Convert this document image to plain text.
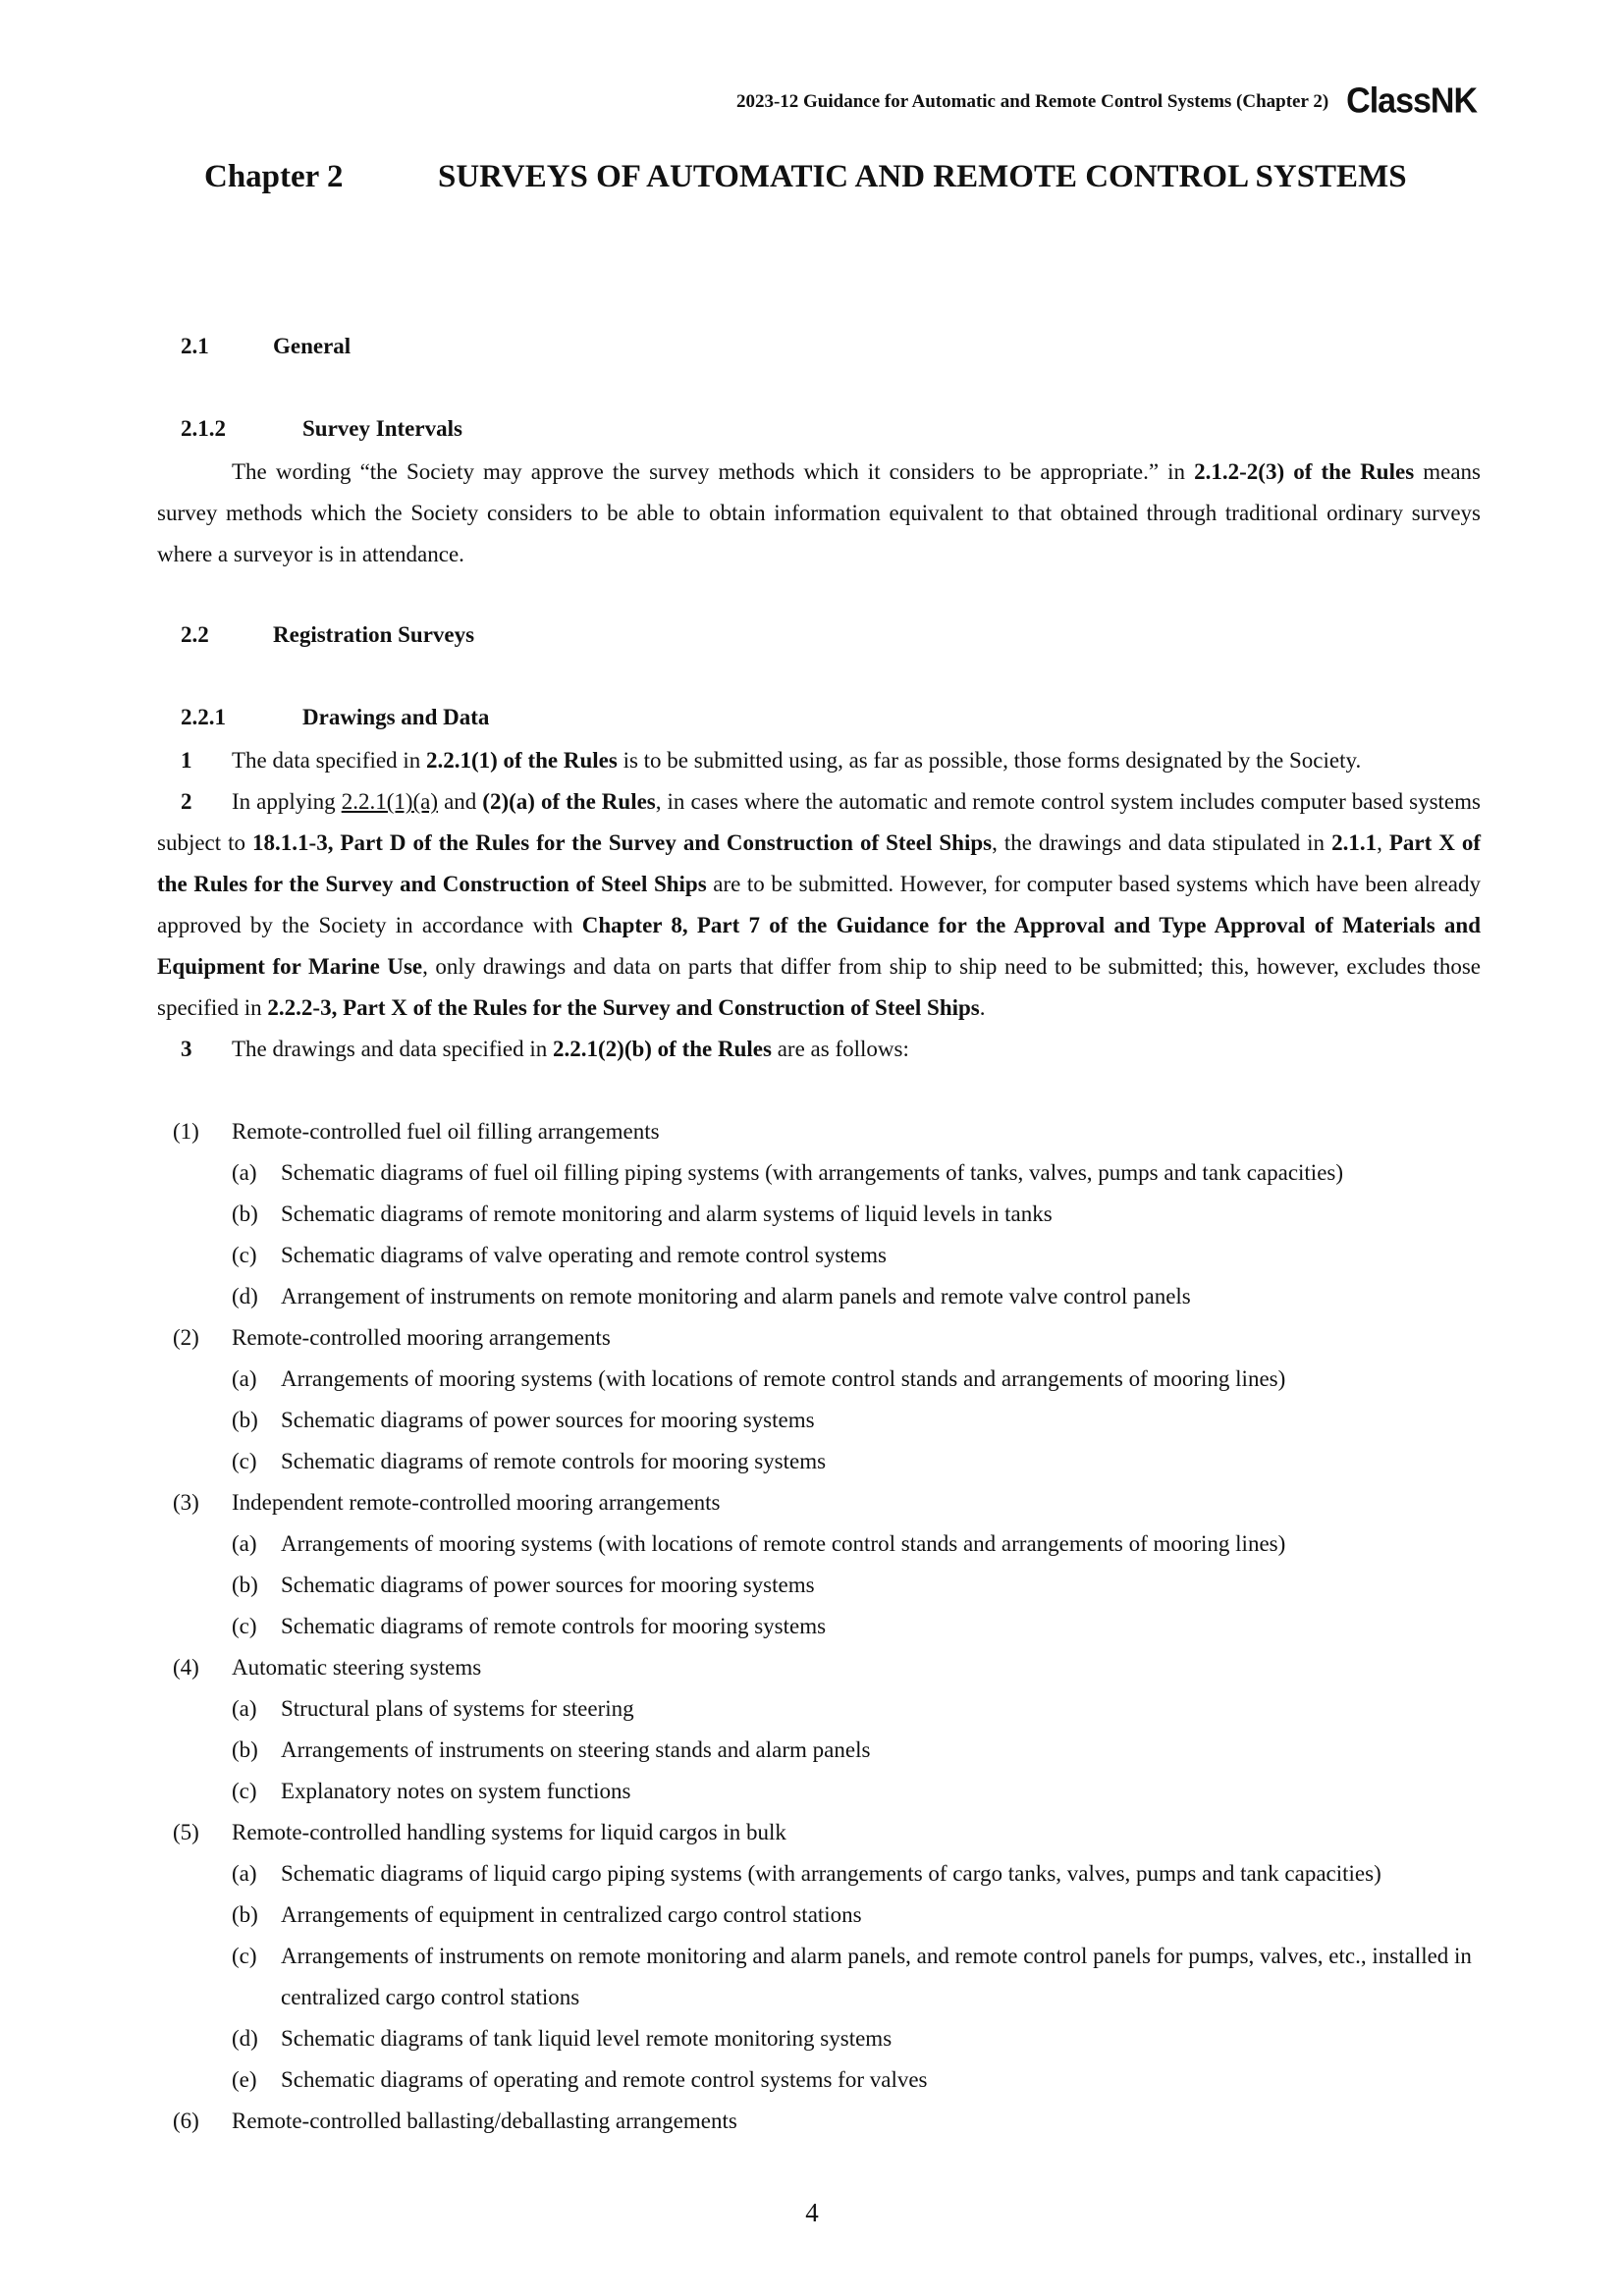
2023-12 Guidance for Automatic and Remote Control Systems (Chapter 2) ClassNK
Chapter 2	SURVEYS OF AUTOMATIC AND REMOTE CONTROL SYSTEMS
2.1	General
2.1.2	Survey Intervals
The wording “the Society may approve the survey methods which it considers to be appropriate.” in 2.1.2-2(3) of the Rules means survey methods which the Society considers to be able to obtain information equivalent to that obtained through traditional ordinary surveys where a surveyor is in attendance.
2.2	Registration Surveys
2.2.1	Drawings and Data
1 The data specified in 2.2.1(1) of the Rules is to be submitted using, as far as possible, those forms designated by the Society.
2 In applying 2.2.1(1)(a) and (2)(a) of the Rules, in cases where the automatic and remote control system includes computer based systems subject to 18.1.1-3, Part D of the Rules for the Survey and Construction of Steel Ships, the drawings and data stipulated in 2.1.1, Part X of the Rules for the Survey and Construction of Steel Ships are to be submitted. However, for computer based systems which have been already approved by the Society in accordance with Chapter 8, Part 7 of the Guidance for the Approval and Type Approval of Materials and Equipment for Marine Use, only drawings and data on parts that differ from ship to ship need to be submitted; this, however, excludes those specified in 2.2.2-3, Part X of the Rules for the Survey and Construction of Steel Ships.
3 The drawings and data specified in 2.2.1(2)(b) of the Rules are as follows:
(1) Remote-controlled fuel oil filling arrangements
(a) Schematic diagrams of fuel oil filling piping systems (with arrangements of tanks, valves, pumps and tank capacities)
(b) Schematic diagrams of remote monitoring and alarm systems of liquid levels in tanks
(c) Schematic diagrams of valve operating and remote control systems
(d) Arrangement of instruments on remote monitoring and alarm panels and remote valve control panels
(2) Remote-controlled mooring arrangements
(a) Arrangements of mooring systems (with locations of remote control stands and arrangements of mooring lines)
(b) Schematic diagrams of power sources for mooring systems
(c) Schematic diagrams of remote controls for mooring systems
(3) Independent remote-controlled mooring arrangements
(a) Arrangements of mooring systems (with locations of remote control stands and arrangements of mooring lines)
(b) Schematic diagrams of power sources for mooring systems
(c) Schematic diagrams of remote controls for mooring systems
(4) Automatic steering systems
(a) Structural plans of systems for steering
(b) Arrangements of instruments on steering stands and alarm panels
(c) Explanatory notes on system functions
(5) Remote-controlled handling systems for liquid cargos in bulk
(a) Schematic diagrams of liquid cargo piping systems (with arrangements of cargo tanks, valves, pumps and tank capacities)
(b) Arrangements of equipment in centralized cargo control stations
(c) Arrangements of instruments on remote monitoring and alarm panels, and remote control panels for pumps, valves, etc., installed in centralized cargo control stations
(d) Schematic diagrams of tank liquid level remote monitoring systems
(e) Schematic diagrams of operating and remote control systems for valves
(6) Remote-controlled ballasting/deballasting arrangements
4
